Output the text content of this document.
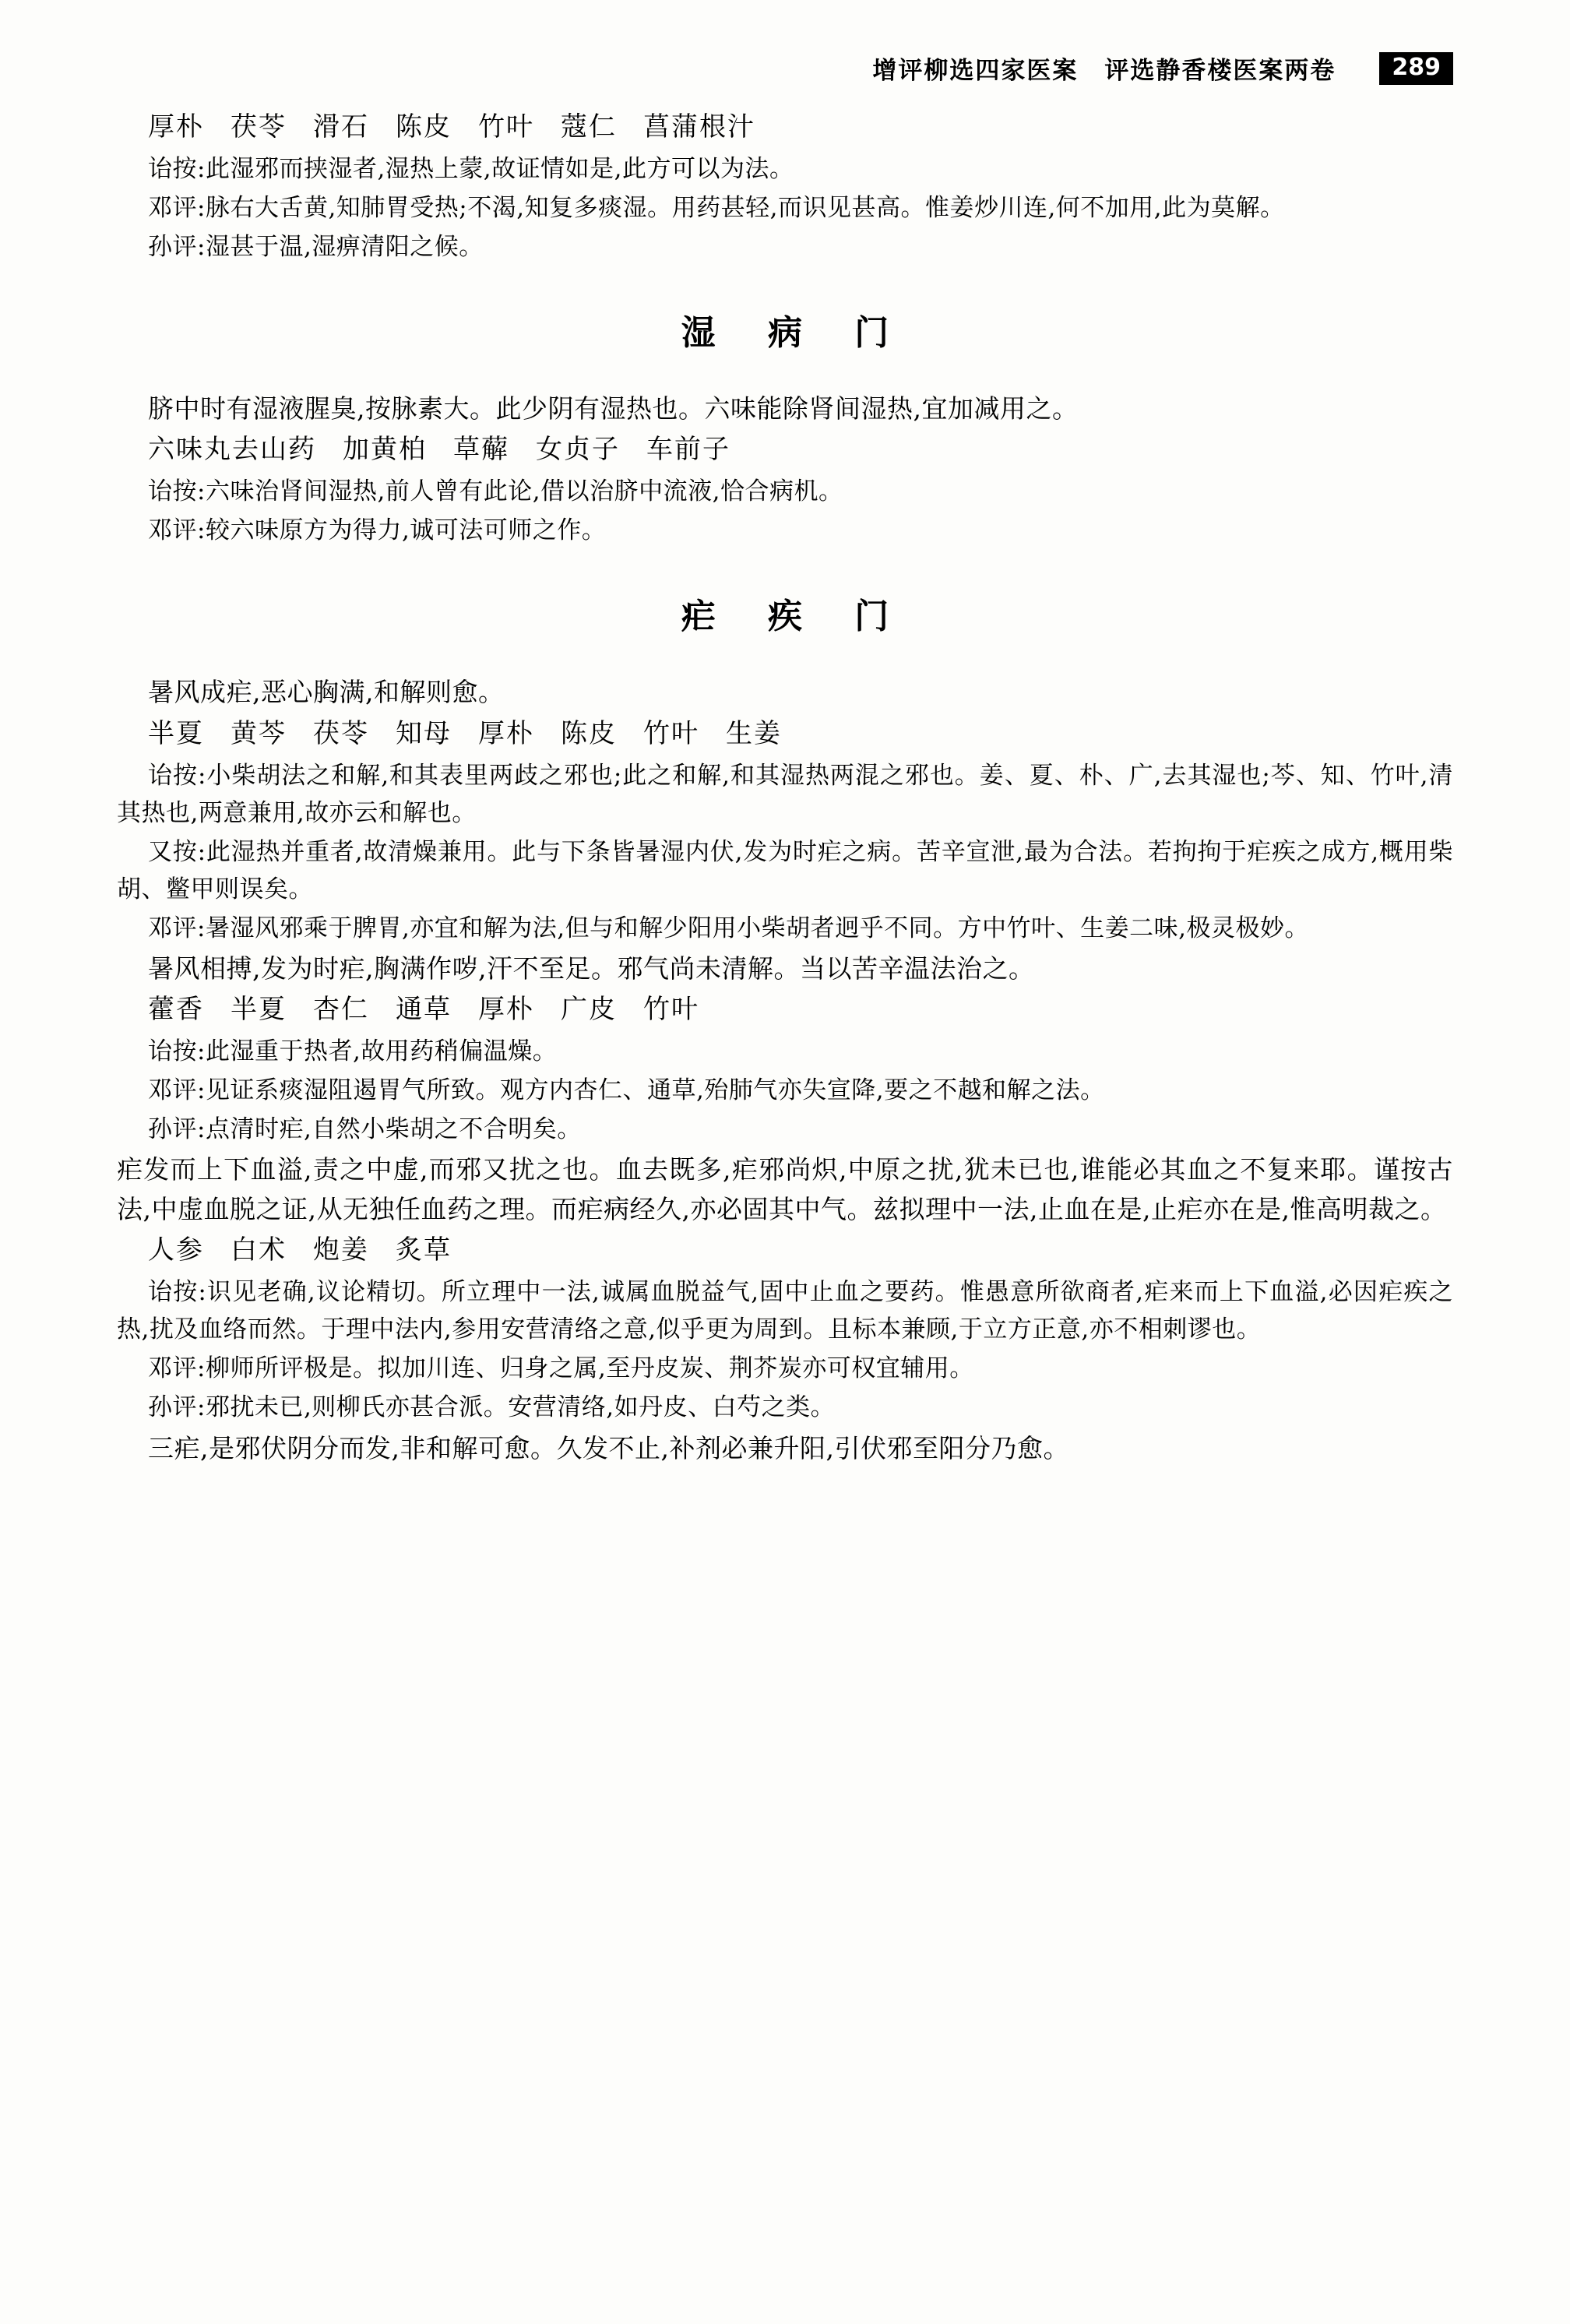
增评柳选四家医案 评选静香楼医案两卷	289
厚朴 茯苓 滑石 陈皮 竹叶 蔻仁 菖蒲根汁

诒按:此湿邪而挟湿者,湿热上蒙,故证情如是,此方可以为法。

邓评:脉右大舌黄,知肺胃受热;不渴,知复多痰湿。用药甚轻,而识见甚高。惟姜炒川连,何不加用,此为莫解。

孙评:湿甚于温,湿痹清阳之候。

湿 病 门

脐中时有湿液腥臭,按脉素大。此少阴有湿热也。六味能除肾间湿热,宜加减用之。

六味丸去山药 加黄柏 草薢 女贞子 车前子

诒按:六味治肾间湿热,前人曾有此论,借以治脐中流液,恰合病机。

邓评:较六味原方为得力,诚可法可师之作。

疟 疾 门

暑风成疟,恶心胸满,和解则愈。

半夏 黄芩 茯苓 知母 厚朴 陈皮 竹叶 生姜

诒按:小柴胡法之和解,和其表里两歧之邪也;此之和解,和其湿热两混之邪也。姜、夏、朴、广,去其湿也;芩、知、竹叶,清其热也,两意兼用,故亦云和解也。

又按:此湿热并重者,故清燥兼用。此与下条皆暑湿内伏,发为时疟之病。苦辛宣泄,最为合法。若拘拘于疟疾之成方,概用柴胡、鳖甲则误矣。

邓评:暑湿风邪乘于脾胃,亦宜和解为法,但与和解少阳用小柴胡者迥乎不同。方中竹叶、生姜二味,极灵极妙。

暑风相搏,发为时疟,胸满作哕,汗不至足。邪气尚未清解。当以苦辛温法治之。

藿香 半夏 杏仁 通草 厚朴 广皮 竹叶

诒按:此湿重于热者,故用药稍偏温燥。

邓评:见证系痰湿阻遏胃气所致。观方内杏仁、通草,殆肺气亦失宣降,要之不越和解之法。

孙评:点清时疟,自然小柴胡之不合明矣。

疟发而上下血溢,责之中虚,而邪又扰之也。血去既多,疟邪尚炽,中原之扰,犹未已也,谁能必其血之不复来耶。谨按古法,中虚血脱之证,从无独任血药之理。而疟病经久,亦必固其中气。兹拟理中一法,止血在是,止疟亦在是,惟高明裁之。

人参 白术 炮姜 炙草

诒按:识见老确,议论精切。所立理中一法,诚属血脱益气,固中止血之要药。惟愚意所欲商者,疟来而上下血溢,必因疟疾之热,扰及血络而然。于理中法内,参用安营清络之意,似乎更为周到。且标本兼顾,于立方正意,亦不相刺谬也。

邓评:柳师所评极是。拟加川连、归身之属,至丹皮炭、荆芥炭亦可权宜辅用。

孙评:邪扰未已,则柳氏亦甚合派。安营清络,如丹皮、白芍之类。

三疟,是邪伏阴分而发,非和解可愈。久发不止,补剂必兼升阳,引伏邪至阳分乃愈。
